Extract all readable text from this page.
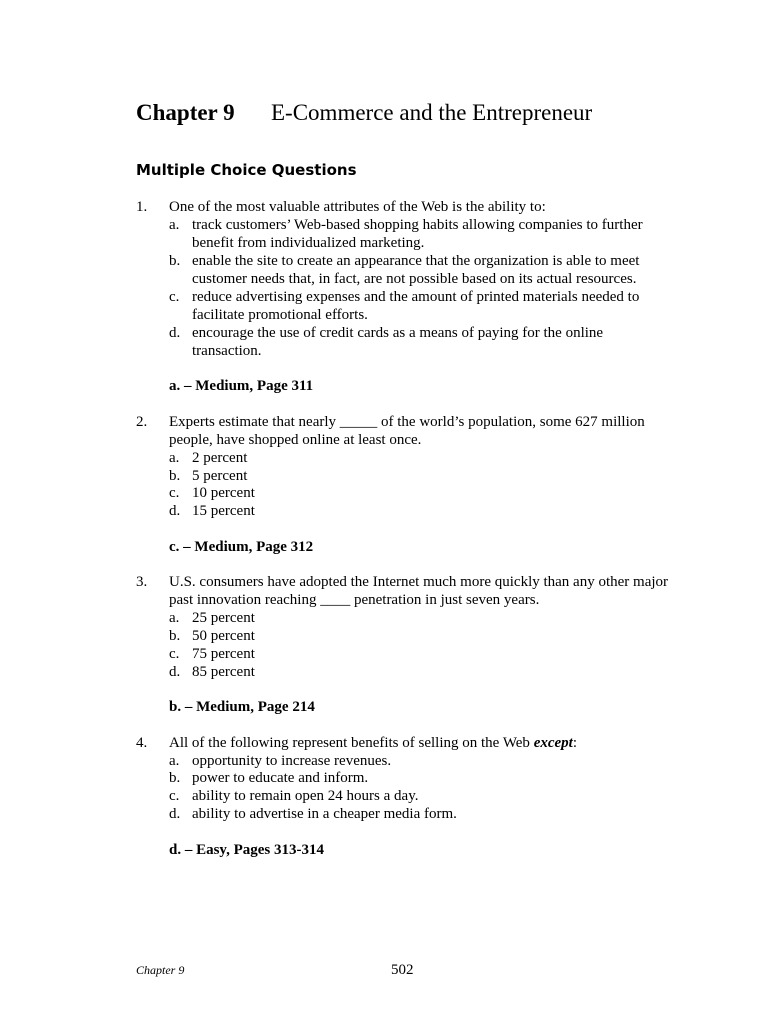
Chapter 9 E-Commerce and the Entrepreneur
Multiple Choice Questions
1. One of the most valuable attributes of the Web is the ability to:
a. track customers’ Web-based shopping habits allowing companies to further
benefit from individualized marketing.
b. enable the site to create an appearance that the organization is able to meet
customer needs that, in fact, are not possible based on its actual resources.
c. reduce advertising expenses and the amount of printed materials needed to
facilitate promotional efforts.
d. encourage the use of credit cards as a means of paying for the online
transaction.
a. – Medium, Page 311
2. Experts estimate that nearly _____ of the world’s population, some 627 million
people, have shopped online at least once.
a. 2 percent
b. 5 percent
c. 10 percent
d. 15 percent
c. – Medium, Page 312
3. U.S. consumers have adopted the Internet much more quickly than any other major
past innovation reaching ____ penetration in just seven years.
a. 25 percent
b. 50 percent
c. 75 percent
d. 85 percent
b. – Medium, Page 214
4. All of the following represent benefits of selling on the Web except:
a. opportunity to increase revenues.
b. power to educate and inform.
c. ability to remain open 24 hours a day.
d. ability to advertise in a cheaper media form.
d. – Easy, Pages 313-314
Chapter 9	502
